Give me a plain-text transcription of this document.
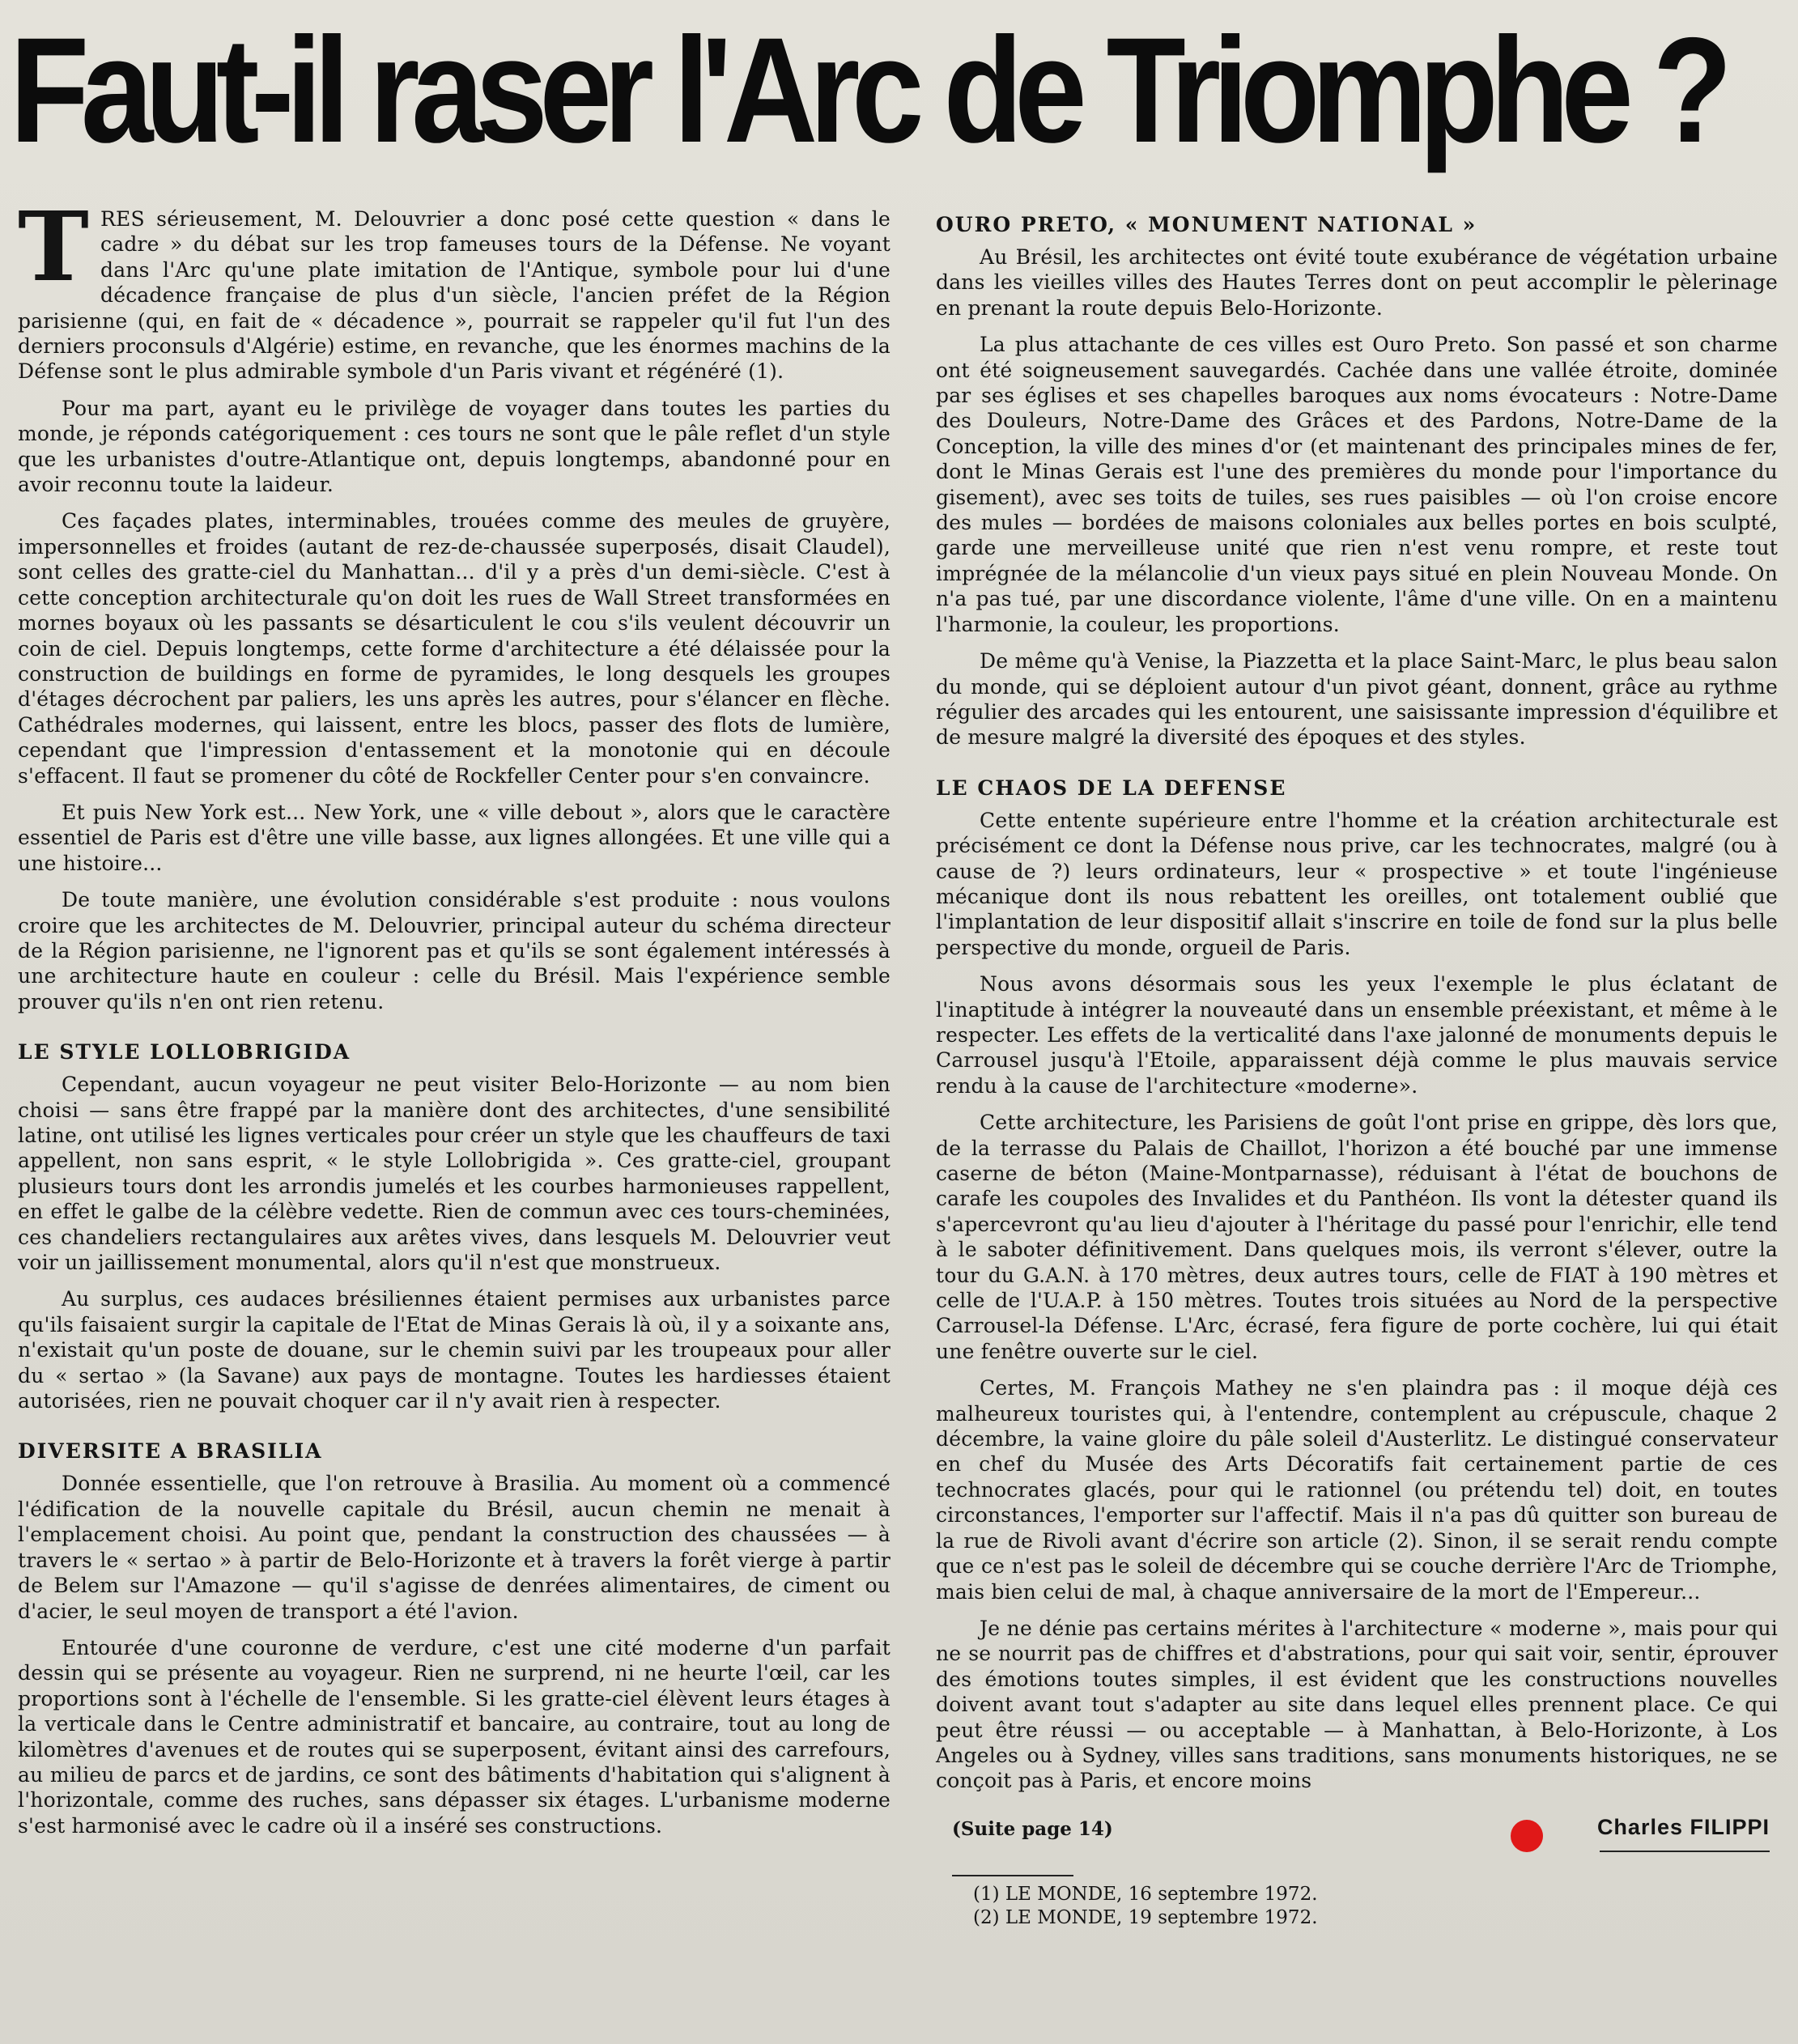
Faut-il raser l'Arc de Triomphe ?

TRES sérieusement, M. Delouvrier a donc posé cette question « dans le cadre » du débat sur les trop fameuses tours de la Défense. Ne voyant dans l'Arc qu'une plate imitation de l'Antique, symbole pour lui d'une décadence française de plus d'un siècle, l'ancien préfet de la Région parisienne (qui, en fait de « décadence », pourrait se rappeler qu'il fut l'un des derniers proconsuls d'Algérie) estime, en revanche, que les énormes machins de la Défense sont le plus admirable symbole d'un Paris vivant et régénéré (1).

Pour ma part, ayant eu le privilège de voyager dans toutes les parties du monde, je réponds catégoriquement : ces tours ne sont que le pâle reflet d'un style que les urbanistes d'outre-Atlantique ont, depuis longtemps, abandonné pour en avoir reconnu toute la laideur.

Ces façades plates, interminables, trouées comme des meules de gruyère, impersonnelles et froides (autant de rez-de-chaussée superposés, disait Claudel), sont celles des gratte-ciel du Manhattan... d'il y a près d'un demi-siècle. C'est à cette conception architecturale qu'on doit les rues de Wall Street transformées en mornes boyaux où les passants se désarticulent le cou s'ils veulent découvrir un coin de ciel. Depuis longtemps, cette forme d'architecture a été délaissée pour la construction de buildings en forme de pyramides, le long desquels les groupes d'étages décrochent par paliers, les uns après les autres, pour s'élancer en flèche. Cathédrales modernes, qui laissent, entre les blocs, passer des flots de lumière, cependant que l'impression d'entassement et la monotonie qui en découle s'effacent. Il faut se promener du côté de Rockfeller Center pour s'en convaincre.

Et puis New York est... New York, une « ville debout », alors que le caractère essentiel de Paris est d'être une ville basse, aux lignes allongées. Et une ville qui a une histoire...

De toute manière, une évolution considérable s'est produite : nous voulons croire que les architectes de M. Delouvrier, principal auteur du schéma directeur de la Région parisienne, ne l'ignorent pas et qu'ils se sont également intéressés à une architecture haute en couleur : celle du Brésil. Mais l'expérience semble prouver qu'ils n'en ont rien retenu.

LE STYLE LOLLOBRIGIDA

Cependant, aucun voyageur ne peut visiter Belo-Horizonte — au nom bien choisi — sans être frappé par la manière dont des architectes, d'une sensibilité latine, ont utilisé les lignes verticales pour créer un style que les chauffeurs de taxi appellent, non sans esprit, « le style Lollobrigida ». Ces gratte-ciel, groupant plusieurs tours dont les arrondis jumelés et les courbes harmonieuses rappellent, en effet le galbe de la célèbre vedette. Rien de commun avec ces tours-cheminées, ces chandeliers rectangulaires aux arêtes vives, dans lesquels M. Delouvrier veut voir un jaillissement monumental, alors qu'il n'est que monstrueux.

Au surplus, ces audaces brésiliennes étaient permises aux urbanistes parce qu'ils faisaient surgir la capitale de l'Etat de Minas Gerais là où, il y a soixante ans, n'existait qu'un poste de douane, sur le chemin suivi par les troupeaux pour aller du « sertao » (la Savane) aux pays de montagne. Toutes les hardiesses étaient autorisées, rien ne pouvait choquer car il n'y avait rien à respecter.

DIVERSITE A BRASILIA

Donnée essentielle, que l'on retrouve à Brasilia. Au moment où a commencé l'édification de la nouvelle capitale du Brésil, aucun chemin ne menait à l'emplacement choisi. Au point que, pendant la construction des chaussées — à travers le « sertao » à partir de Belo-Horizonte et à travers la forêt vierge à partir de Belem sur l'Amazone — qu'il s'agisse de denrées alimentaires, de ciment ou d'acier, le seul moyen de transport a été l'avion.

Entourée d'une couronne de verdure, c'est une cité moderne d'un parfait dessin qui se présente au voyageur. Rien ne surprend, ni ne heurte l'œil, car les proportions sont à l'échelle de l'ensemble. Si les gratte-ciel élèvent leurs étages à la verticale dans le Centre administratif et bancaire, au contraire, tout au long de kilomètres d'avenues et de routes qui se superposent, évitant ainsi des carrefours, au milieu de parcs et de jardins, ce sont des bâtiments d'habitation qui s'alignent à l'horizontale, comme des ruches, sans dépasser six étages. L'urbanisme moderne s'est harmonisé avec le cadre où il a inséré ses constructions.

OURO PRETO, « MONUMENT NATIONAL »

Au Brésil, les architectes ont évité toute exubérance de végétation urbaine dans les vieilles villes des Hautes Terres dont on peut accomplir le pèlerinage en prenant la route depuis Belo-Horizonte.

La plus attachante de ces villes est Ouro Preto. Son passé et son charme ont été soigneusement sauvegardés. Cachée dans une vallée étroite, dominée par ses églises et ses chapelles baroques aux noms évocateurs : Notre-Dame des Douleurs, Notre-Dame des Grâces et des Pardons, Notre-Dame de la Conception, la ville des mines d'or (et maintenant des principales mines de fer, dont le Minas Gerais est l'une des premières du monde pour l'importance du gisement), avec ses toits de tuiles, ses rues paisibles — où l'on croise encore des mules — bordées de maisons coloniales aux belles portes en bois sculpté, garde une merveilleuse unité que rien n'est venu rompre, et reste tout imprégnée de la mélancolie d'un vieux pays situé en plein Nouveau Monde. On n'a pas tué, par une discordance violente, l'âme d'une ville. On en a maintenu l'harmonie, la couleur, les proportions.

De même qu'à Venise, la Piazzetta et la place Saint-Marc, le plus beau salon du monde, qui se déploient autour d'un pivot géant, donnent, grâce au rythme régulier des arcades qui les entourent, une saisissante impression d'équilibre et de mesure malgré la diversité des époques et des styles.

LE CHAOS DE LA DEFENSE

Cette entente supérieure entre l'homme et la création architecturale est précisément ce dont la Défense nous prive, car les technocrates, malgré (ou à cause de ?) leurs ordinateurs, leur « prospective » et toute l'ingénieuse mécanique dont ils nous rebattent les oreilles, ont totalement oublié que l'implantation de leur dispositif allait s'inscrire en toile de fond sur la plus belle perspective du monde, orgueil de Paris.

Nous avons désormais sous les yeux l'exemple le plus éclatant de l'inaptitude à intégrer la nouveauté dans un ensemble préexistant, et même à le respecter. Les effets de la verticalité dans l'axe jalonné de monuments depuis le Carrousel jusqu'à l'Etoile, apparaissent déjà comme le plus mauvais service rendu à la cause de l'architecture «moderne».

Cette architecture, les Parisiens de goût l'ont prise en grippe, dès lors que, de la terrasse du Palais de Chaillot, l'horizon a été bouché par une immense caserne de béton (Maine-Montparnasse), réduisant à l'état de bouchons de carafe les coupoles des Invalides et du Panthéon. Ils vont la détester quand ils s'apercevront qu'au lieu d'ajouter à l'héritage du passé pour l'enrichir, elle tend à le saboter définitivement. Dans quelques mois, ils verront s'élever, outre la tour du G.A.N. à 170 mètres, deux autres tours, celle de FIAT à 190 mètres et celle de l'U.A.P. à 150 mètres. Toutes trois situées au Nord de la perspective Carrousel-la Défense. L'Arc, écrasé, fera figure de porte cochère, lui qui était une fenêtre ouverte sur le ciel.

Certes, M. François Mathey ne s'en plaindra pas : il moque déjà ces malheureux touristes qui, à l'entendre, contemplent au crépuscule, chaque 2 décembre, la vaine gloire du pâle soleil d'Austerlitz. Le distingué conservateur en chef du Musée des Arts Décoratifs fait certainement partie de ces technocrates glacés, pour qui le rationnel (ou prétendu tel) doit, en toutes circonstances, l'emporter sur l'affectif. Mais il n'a pas dû quitter son bureau de la rue de Rivoli avant d'écrire son article (2). Sinon, il se serait rendu compte que ce n'est pas le soleil de décembre qui se couche derrière l'Arc de Triomphe, mais bien celui de mal, à chaque anniversaire de la mort de l'Empereur...

Je ne dénie pas certains mérites à l'architecture « moderne », mais pour qui ne se nourrit pas de chiffres et d'abstrations, pour qui sait voir, sentir, éprouver des émotions toutes simples, il est évident que les constructions nouvelles doivent avant tout s'adapter au site dans lequel elles prennent place. Ce qui peut être réussi — ou acceptable — à Manhattan, à Belo-Horizonte, à Los Angeles ou à Sydney, villes sans traditions, sans monuments historiques, ne se conçoit pas à Paris, et encore moins

(Suite page 14)	Charles FILIPPI
(1) LE MONDE, 16 septembre 1972.
(2) LE MONDE, 19 septembre 1972.
